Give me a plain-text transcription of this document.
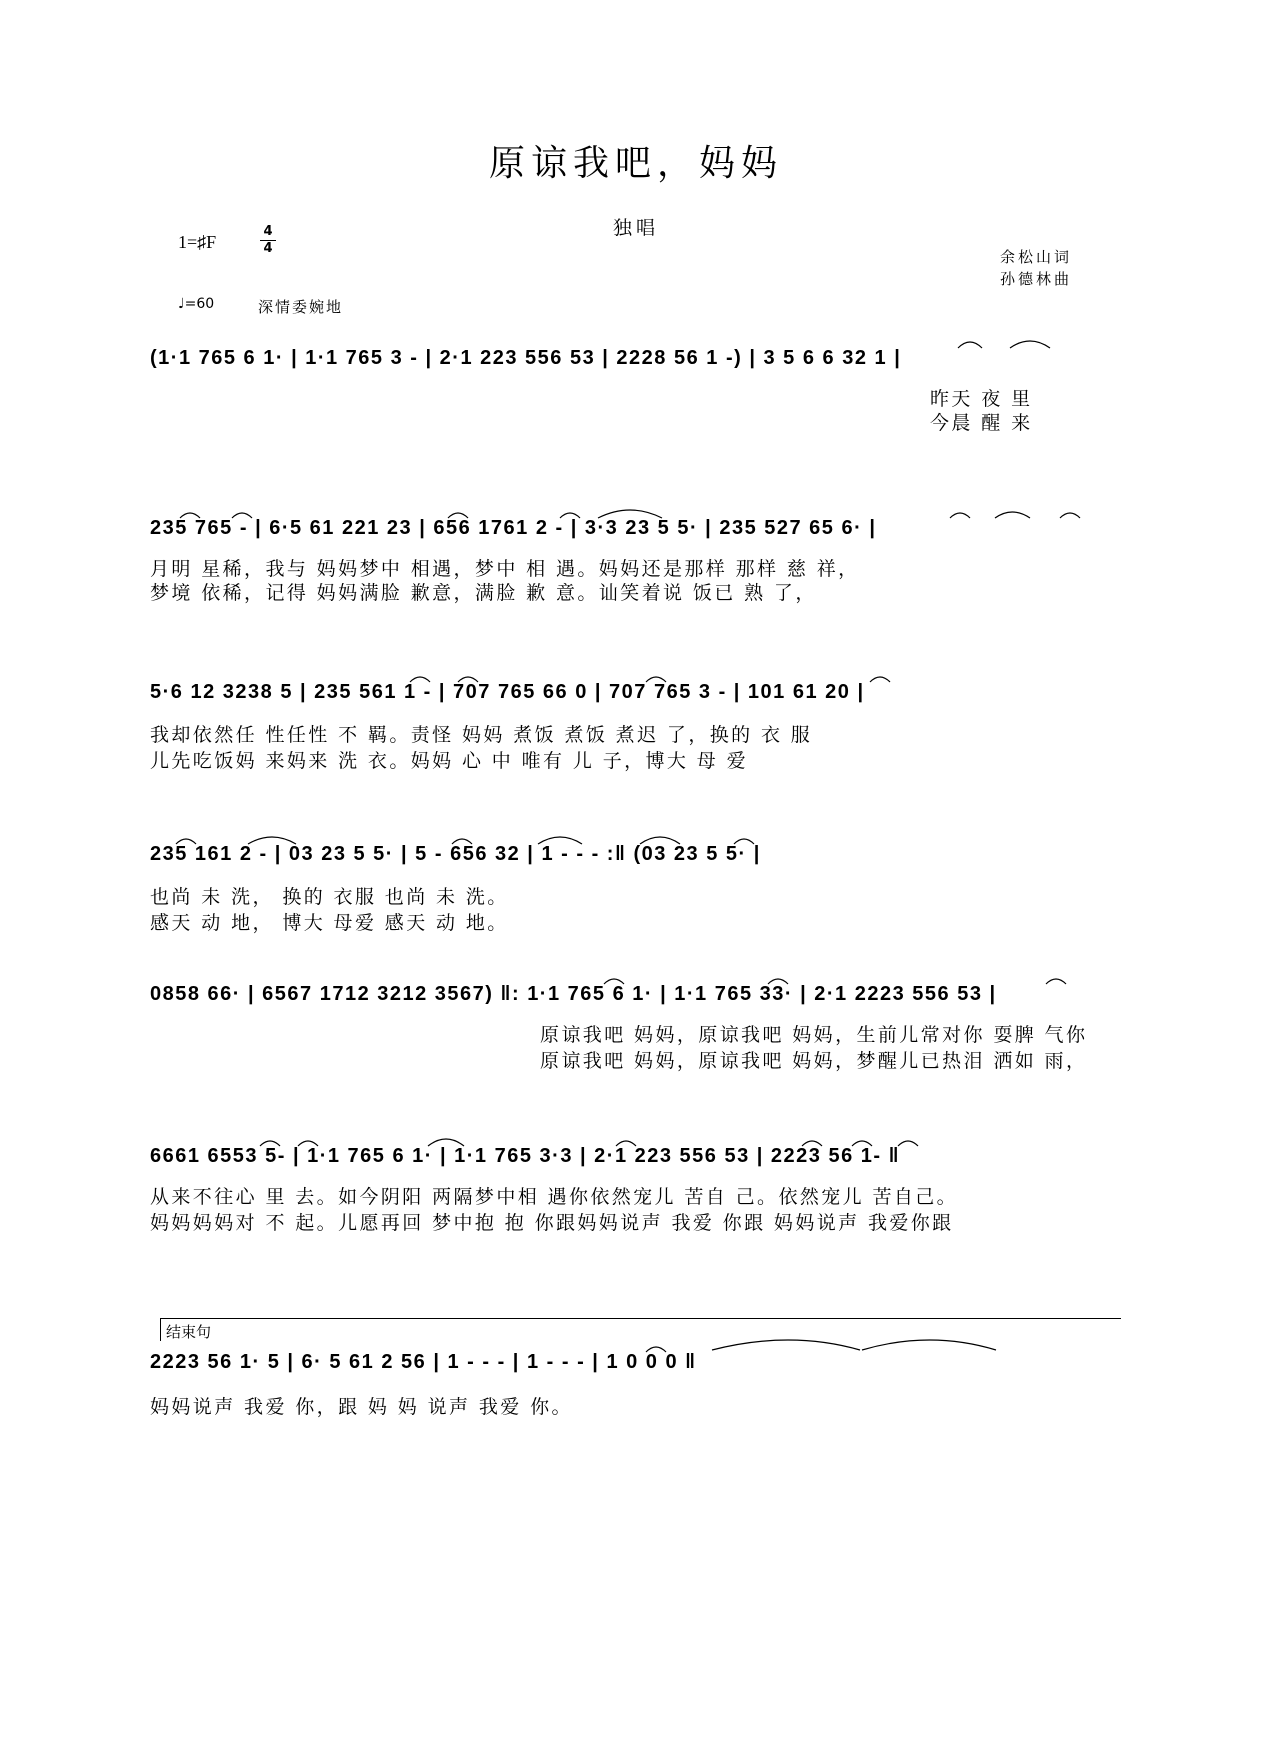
原谅我吧，妈妈
独唱
1=♯F
4
4	余松山词
孙德林曲
♩=60	深情委婉地
(1·1 765 6 1· | 1·1 765 3 - | 2·1 223 556 53 | 2228 56 1 -) | 3 5 6 6 32 1 |
昨天 夜 里
今晨 醒 来
235 765 - | 6·5 61 221 23 | 656 1761 2 - | 3·3 23 5 5· | 235 527 65 6· |
月明 星稀，我与 妈妈梦中 相遇，梦中 相 遇。妈妈还是那样 那样 慈 祥，
梦境 依稀，记得 妈妈满脸 歉意，满脸 歉 意。讪笑着说 饭已 熟 了，
5·6 12 3238 5 | 235 561 1 - | 707 765 66 0 | 707 765 3 - | 101 61 20 |
我却依然任 性任性 不 羁。责怪 妈妈 煮饭 煮饭 煮迟 了，换的 衣 服
儿先吃饭妈 来妈来 洗 衣。妈妈 心 中 唯有 儿 子，博大 母 爱
235 161 2 - | 03 23 5 5· | 5 - 656 32 | 1 - - - :‖ (03 23 5 5· |
也尚 未 洗， 换的 衣服 也尚 未 洗。
感天 动 地， 博大 母爱 感天 动 地。
0858 66· | 6567 1712 3212 3567) ‖: 1·1 765 6 1· | 1·1 765 33· | 2·1 2223 556 53 |
原谅我吧 妈妈，原谅我吧 妈妈，生前儿常对你 耍脾 气你
原谅我吧 妈妈，原谅我吧 妈妈，梦醒儿已热泪 洒如 雨，
6661 6553 5- | 1·1 765 6 1· | 1·1 765 3·3 | 2·1 223 556 53 | 2223 56 1- ‖
从来不往心 里 去。如今阴阳 两隔梦中相 遇你依然宠儿 苦自 己。依然宠儿 苦自己。
妈妈妈妈对 不 起。儿愿再回 梦中抱 抱 你跟妈妈说声 我爱 你跟 妈妈说声 我爱你跟
结束句
2223 56 1· 5 | 6· 5 61 2 56 | 1 - - - | 1 - - - | 1 0 0 0 ‖
妈妈说声 我爱 你，跟 妈 妈 说声 我爱 你。
